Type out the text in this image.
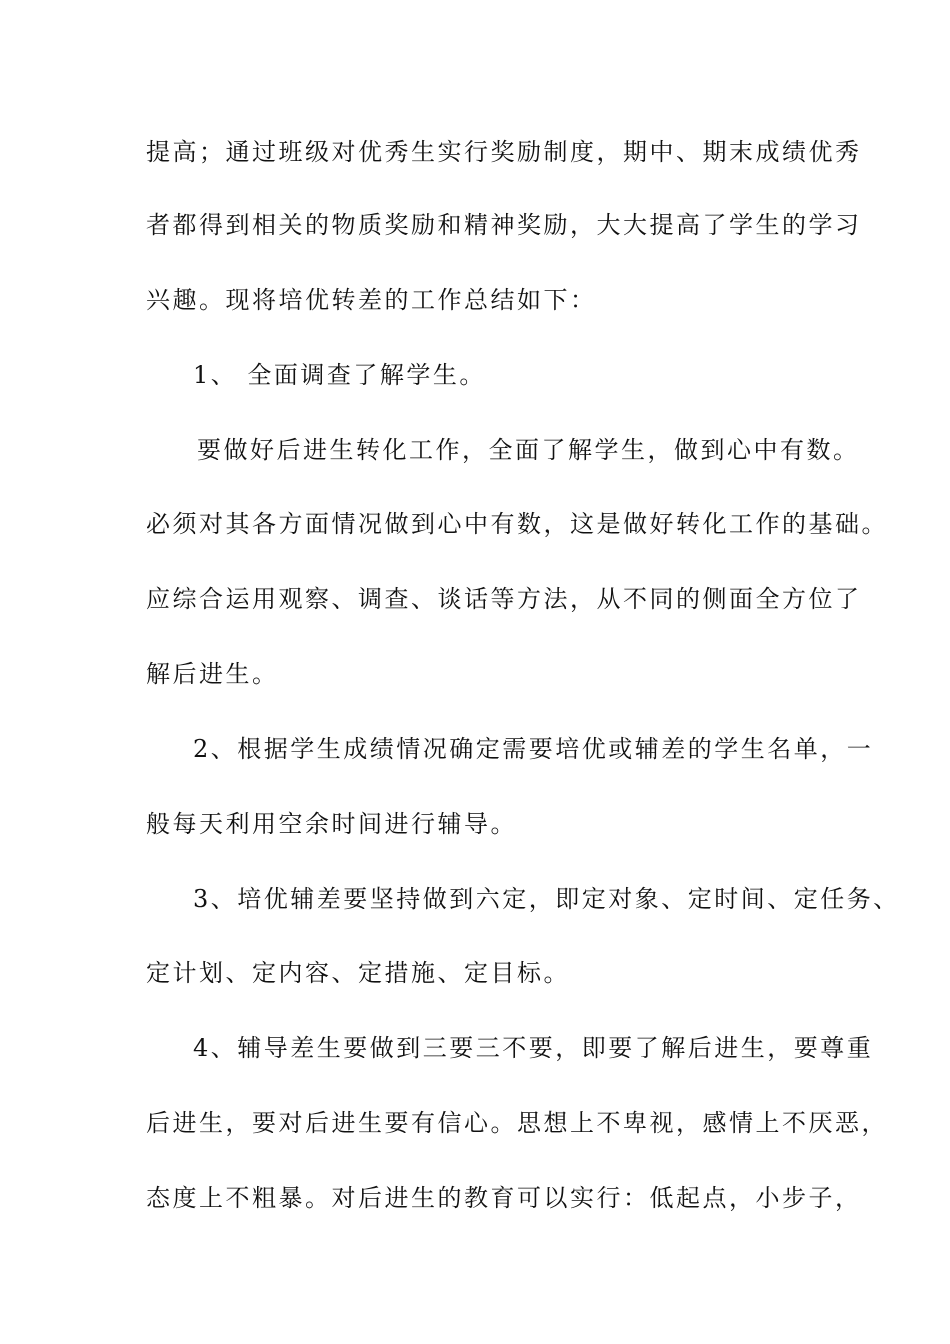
提高；通过班级对优秀生实行奖励制度，期中、期末成绩优秀
者都得到相关的物质奖励和精神奖励，大大提高了学生的学习
兴趣。现将培优转差的工作总结如下：
1、 全面调查了解学生。
要做好后进生转化工作，全面了解学生，做到心中有数。
必须对其各方面情况做到心中有数，这是做好转化工作的基础。
应综合运用观察、调查、谈话等方法，从不同的侧面全方位了
解后进生。
2、根据学生成绩情况确定需要培优或辅差的学生名单，一
般每天利用空余时间进行辅导。
3、培优辅差要坚持做到六定，即定对象、定时间、定任务、
定计划、定内容、定措施、定目标。
4、辅导差生要做到三要三不要，即要了解后进生，要尊重
后进生，要对后进生要有信心。思想上不卑视，感情上不厌恶，
态度上不粗暴。对后进生的教育可以实行：低起点，小步子，
